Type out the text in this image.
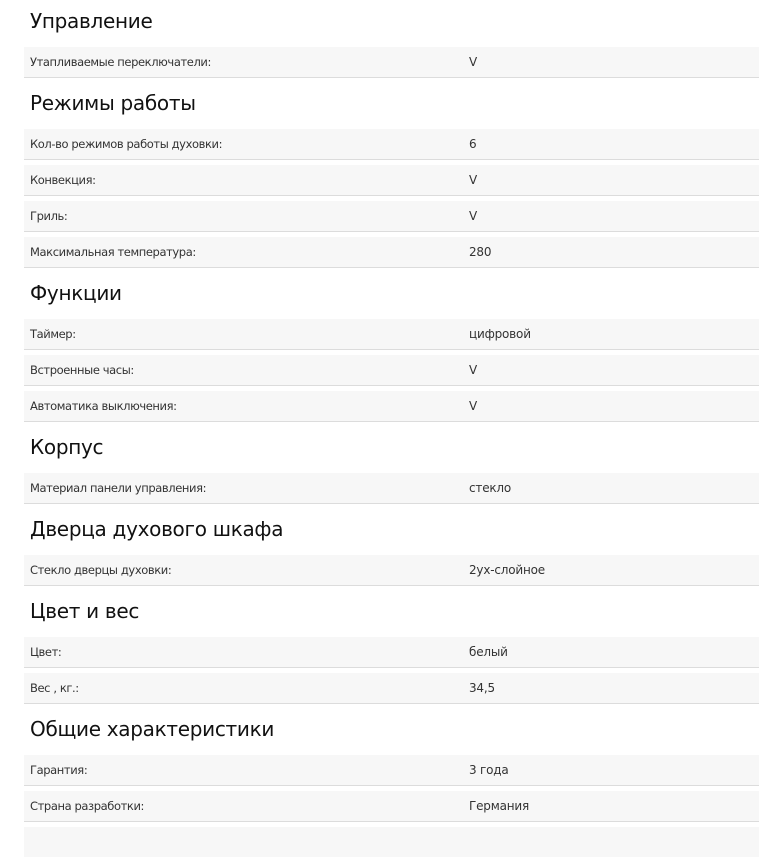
Управление
Утапливаемые переключатели:	V
Режимы работы
Кол-во режимов работы духовки:	6
Конвекция:	V
Гриль:	V
Максимальная температура:	280
Функции
Таймер:	цифровой
Встроенные часы:	V
Автоматика выключения:	V
Корпус
Материал панели управления:	стекло
Дверца духового шкафа
Стекло дверцы духовки:	2ух-слойное
Цвет и вес
Цвет:	белый
Вес , кг.:	34,5
Общие характеристики
Гарантия:	3 года
Страна разработки:	Германия
